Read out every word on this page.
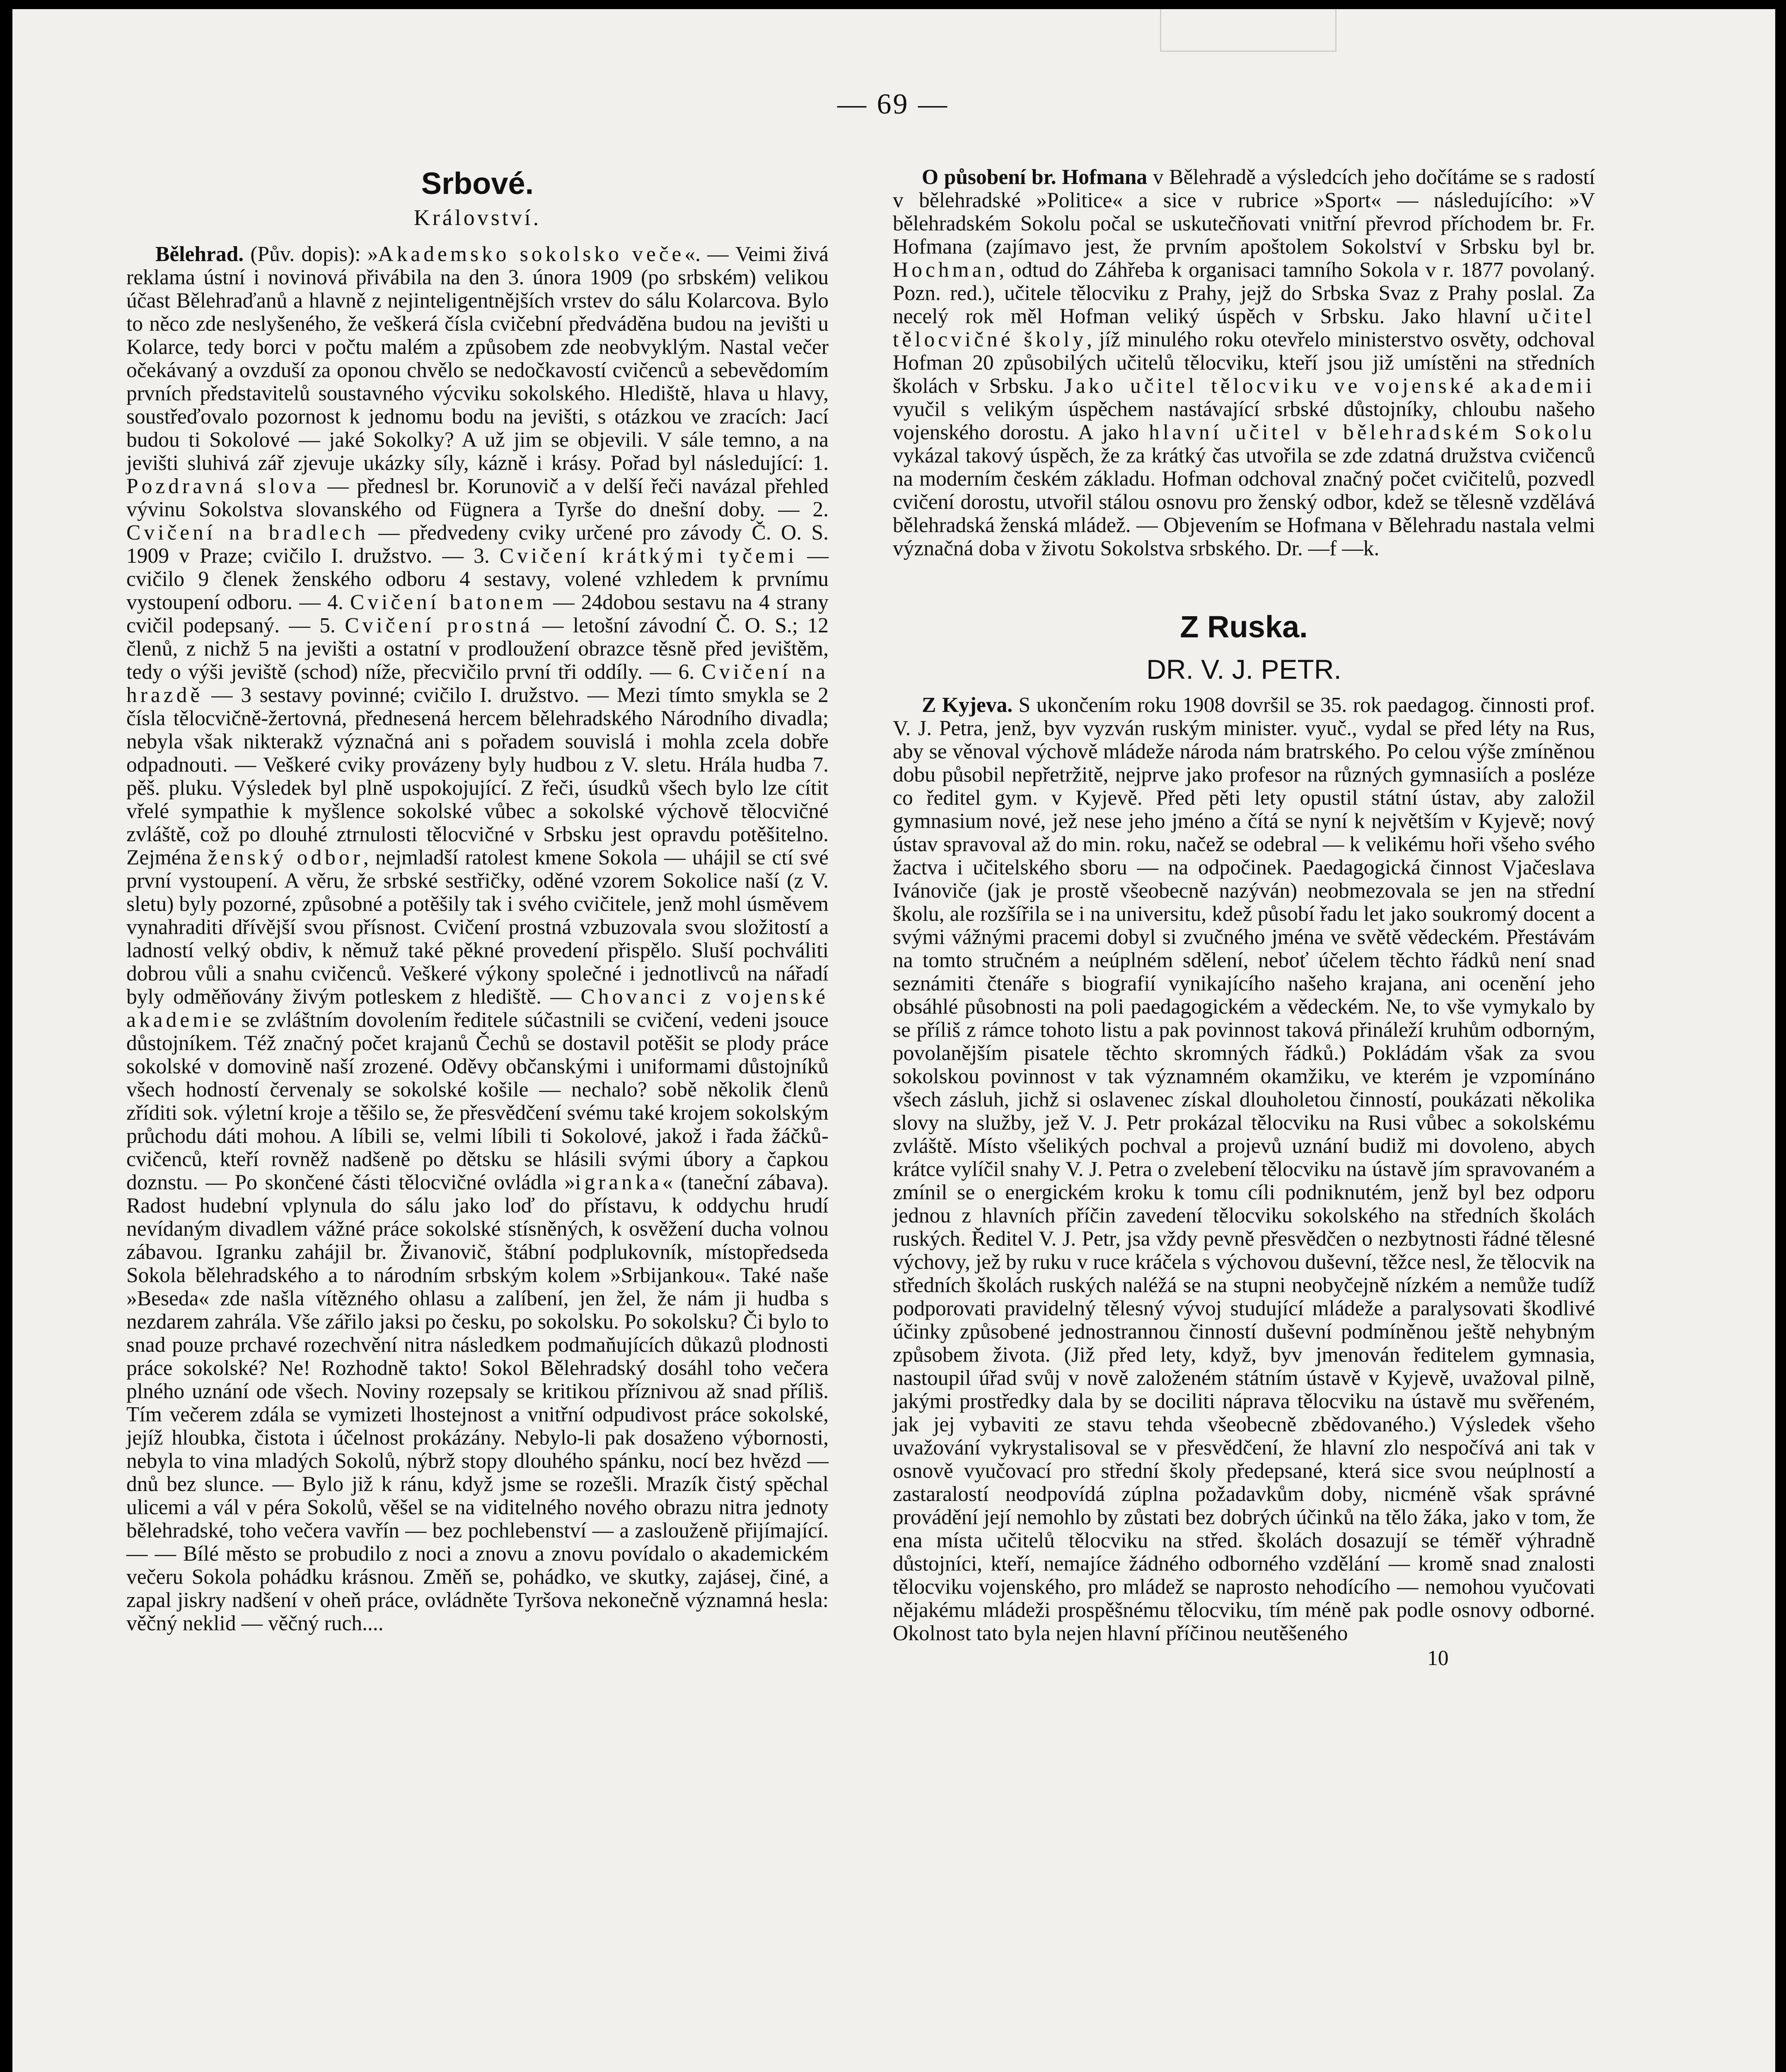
— 69 —
Srbové.
Království.

Bělehrad. (Pův. dopis): »Akademsko sokolsko večе«. — Veimi živá reklama ústní i novinová přivábila na den 3. února 1909 (po srbském) velikou účast Bělehraďanů a hlavně z nejinteligentnějších vrstev do sálu Kolarcova. Bylo to něco zde neslyšeného, že veškerá čísla cvičební předváděna budou na jevišti u Kolarce, tedy borci v počtu malém a způsobem zde neobvyklým. Nastal večer očekávaný a ovzduší za oponou chvělo se nedočkavostí cvičenců a sebevědomím prvních představitelů soustavného výcviku sokolského. Hlediště, hlava u hlavy, soustřeďovalo pozornost k jednomu bodu na jevišti, s otázkou ve zracích: Jací budou ti Sokolové — jaké Sokolky? A už jim se objevili. V sále temno, a na jevišti sluhivá zář zjevuje ukázky síly, kázně i krásy. Pořad byl následující: 1. Pozdravná slova — přednesl br. Korunovič a v delší řeči navázal přehled vývinu Sokolstva slovanského od Fügnera a Tyrše do dnešní doby. — 2. Cvičení na bradlech — předvedeny cviky určené pro závody Č. O. S. 1909 v Praze; cvičilo I. družstvo. — 3. Cvičení krátkými tyčemi — cvičilo 9 členek ženského odboru 4 sestavy, volené vzhledem k prvnímu vystoupení odboru. — 4. Cvičení batonem — 24dobou sestavu na 4 strany cvičil podepsaný. — 5. Cvičení prostná — letošní závodní Č. O. S.; 12 členů, z nichž 5 na jevišti a ostatní v prodloužení obrazce těsně před jevištěm, tedy o výši jeviště (schod) níže, přecvičilo první tři oddíly. — 6. Cvičení na hrazdě — 3 sestavy povinné; cvičilo I. družstvo. — Mezi tímto smykla se 2 čísla tělocvičně-žertovná, přednesená hercem bělehradského Národního divadla; nebyla však nikterakž význačná ani s pořadem souvislá i mohla zcela dobře odpadnouti. — Veškeré cviky provázeny byly hudbou z V. sletu. Hrála hudba 7. pěš. pluku. Výsledek byl plně uspokojující. Z řeči, úsudků všech bylo lze cítit vřelé sympathie k myšlence sokolské vůbec a sokolské výchově tělocvičné zvláště, což po dlouhé ztrnulosti tělocvičné v Srbsku jest opravdu potěšitelno. Zejména ženský odbor, nejmladší ratolest kmene Sokola — uhájil se ctí své první vystoupení. A věru, že srbské sestřičky, oděné vzorem Sokolice naší (z V. sletu) byly pozorné, způsobné a potěšily tak i svého cvičitele, jenž mohl úsměvem vynahraditi dřívější svou přísnost. Cvičení prostná vzbuzovala svou složitostí a ladností velký obdiv, k němuž také pěkné provedení přispělo. Sluší pochváliti dobrou vůli a snahu cvičenců. Veškeré výkony společné i jednotlivců na nářadí byly odměňovány živým potleskem z hlediště. — Chovanci z vojenské akademie se zvláštním dovolením ředitele súčastnili se cvičení, vedeni jsouce důstojníkem. Též značný počet krajanů Čechů se dostavil potěšit se plody práce sokolské v domovině naší zrozené. Oděvy občanskými i uniformami důstojníků všech hodností červenaly se sokolské košile — nechalo? sobě několik členů zříditi sok. výletní kroje a těšilo se, že přesvědčení svému také krojem sokolským průchodu dáti mohou. A líbili se, velmi líbili ti Sokolové, jakož i řada žáčků-cvičenců, kteří rovněž nadšeně po dětsku se hlásili svými úbory a čapkou doznstu. — Po skončené části tělocvičné ovládla »igranka« (taneční zábava). Radost hudební vplynula do sálu jako loď do přístavu, k oddychu hrudí nevídaným divadlem vážné práce sokolské stísněných, k osvěžení ducha volnou zábavou. Igranku zahájil br. Živanovič, štábní podplukovník, místopředseda Sokola bělehradského a to národním srbským kolem »Srbijankou«. Také naše »Beseda« zde našla vítězného ohlasu a zalíbení, jen žel, že nám ji hudba s nezdarem zahrála. Vše zářilo jaksi po česku, po sokolsku. Po sokolsku? Či bylo to snad pouze prchavé rozechvění nitra následkem podmaňujících důkazů plodnosti práce sokolské? Ne! Rozhodně takto! Sokol Bělehradský dosáhl toho večera plného uznání ode všech. Noviny rozepsaly se kritikou příznivou až snad příliš. Tím večerem zdála se vymizeti lhostejnost a vnitřní odpudivost práce sokolské, jejíž hloubka, čistota i účelnost prokázány. Nebylo-li pak dosaženo výbornosti, nebyla to vina mladých Sokolů, nýbrž stopy dlouhého spánku, nocí bez hvězd — dnů bez slunce. — Bylo již k ránu, když jsme se rozešli. Mrazík čistý spěchal ulicemi a vál v péra Sokolů, věšel se na viditelného nového obrazu nitra jednoty bělehradské, toho večera vavřín — bez pochlebenství — a zaslouženě přijímající. — — Bílé město se probudilo z noci a znovu a znovu povídalo o akademickém večeru Sokola pohádku krásnou. Změň se, pohádko, ve skutky, zajásej, činé, a zapal jiskry nadšení v oheň práce, ovládněte Tyršova nekonečně významná hesla: věčný neklid — věčný ruch....

O působení br. Hofmana v Bělehradě a výsledcích jeho dočítáme se s radostí v bělehradské »Politice« a sice v rubrice »Sport« — následujícího: »V bělehradském Sokolu počal se uskutečňovati vnitřní převrod příchodem br. Fr. Hofmana (zajímavo jest, že prvním apoštolem Sokolství v Srbsku byl br. Hochman, odtud do Záhřeba k organisaci tamního Sokola v r. 1877 povolaný. Pozn. red.), učitele tělocviku z Prahy, jejž do Srbska Svaz z Prahy poslal. Za necelý rok měl Hofman veliký úspěch v Srbsku. Jako hlavní učitel tělocvičné školy, jíž minulého roku otevřelo ministerstvo osvěty, odchoval Hofman 20 způsobilých učitelů tělocviku, kteří jsou již umístěni na středních školách v Srbsku. Jako učitel tělocviku ve vojenské akademii vyučil s velikým úspěchem nastávající srbské důstojníky, chloubu našeho vojenského dorostu. A jako hlavní učitel v bělehradském Sokolu vykázal takový úspěch, že za krátký čas utvořila se zde zdatná družstva cvičenců na moderním českém základu. Hofman odchoval značný počet cvičitelů, pozvedl cvičení dorostu, utvořil stálou osnovu pro ženský odbor, kdež se tělesně vzdělává bělehradská ženská mládež. — Objevením se Hofmana v Bělehradu nastala velmi význačná doba v životu Sokolstva srbského. Dr. —f —k.

Z Ruska.
DR. V. J. PETR.

Z Kyjeva. S ukončením roku 1908 dovršil se 35. rok paedagog. činnosti prof. V. J. Petra, jenž, byv vyzván ruským minister. vyuč., vydal se před léty na Rus, aby se věnoval výchově mládeže národa nám bratrského. Po celou výše zmíněnou dobu působil nepřetržitě, nejprve jako profesor na různých gymnasiích a posléze co ředitel gym. v Kyjevě. Před pěti lety opustil státní ústav, aby založil gymnasium nové, jež nese jeho jméno a čítá se nyní k největším v Kyjevě; nový ústav spravoval až do min. roku, načež se odebral — k velikému hoři všeho svého žactva i učitelského sboru — na odpočinek. Paedagogická činnost Vjačeslava Ivánoviče (jak je prostě všeobecně nazýván) neobmezovala se jen na střední školu, ale rozšířila se i na universitu, kdež působí řadu let jako soukromý docent a svými vážnými pracemi dobyl si zvučného jména ve světě vědeckém. Přestávám na tomto stručném a neúplném sdělení, neboť účelem těchto řádků není snad seznámiti čtenáře s biografií vynikajícího našeho krajana, ani ocenění jeho obsáhlé působnosti na poli paedagogickém a vědeckém. Ne, to vše vymykalo by se příliš z rámce tohoto listu a pak povinnost taková přináleží kruhům odborným, povolanějším pisatele těchto skromných řádků.) Pokládám však za svou sokolskou povinnost v tak významném okamžiku, ve kterém je vzpomínáno všech zásluh, jichž si oslavenec získal dlouholetou činností, poukázati několika slovy na služby, jež V. J. Petr prokázal tělocviku na Rusi vůbec a sokolskému zvláště. Místo všelikých pochval a projevů uznání budiž mi dovoleno, abych krátce vylíčil snahy V. J. Petra o zvelebení tělocviku na ústavě jím spravovaném a zmínil se o energickém kroku k tomu cíli podniknutém, jenž byl bez odporu jednou z hlavních příčin zavedení tělocviku sokolského na středních školách ruských. Ředitel V. J. Petr, jsa vždy pevně přesvědčen o nezbytnosti řádné tělesné výchovy, jež by ruku v ruce kráčela s výchovou duševní, těžce nesl, že tělocvik na středních školách ruských naléžá se na stupni neobyčejně nízkém a nemůže tudíž podporovati pravidelný tělesný vývoj studující mládeže a paralysovati škodlivé účinky způsobené jednostrannou činností duševní podmíněnou ještě nehybným způsobem života. (Již před lety, když, byv jmenován ředitelem gymnasia, nastoupil úřad svůj v nově založeném státním ústavě v Kyjevě, uvažoval pilně, jakými prostředky dala by se dociliti náprava tělocviku na ústavě mu svěřeném, jak jej vybaviti ze stavu tehda všeobecně zbědovaného.) Výsledek všeho uvažování vykrystalisoval se v přesvědčení, že hlavní zlo nespočívá ani tak v osnově vyučovací pro střední školy předepsané, která sice svou neúplností a zastaralostí neodpovídá zúplna požadavkům doby, nicméně však správné provádění její nemohlo by zůstati bez dobrých účinků na tělo žáka, jako v tom, že ena místa učitelů tělocviku na střed. školách dosazují se téměř výhradně důstojníci, kteří, nemajíce žádného odborného vzdělání — kromě snad znalosti tělocviku vojenského, pro mládež se naprosto nehodícího — nemohou vyučovati nějakému mládeži prospěšnému tělocviku, tím méně pak podle osnovy odborné. Okolnost tato byla nejen hlavní příčinou neutěšeného

10
